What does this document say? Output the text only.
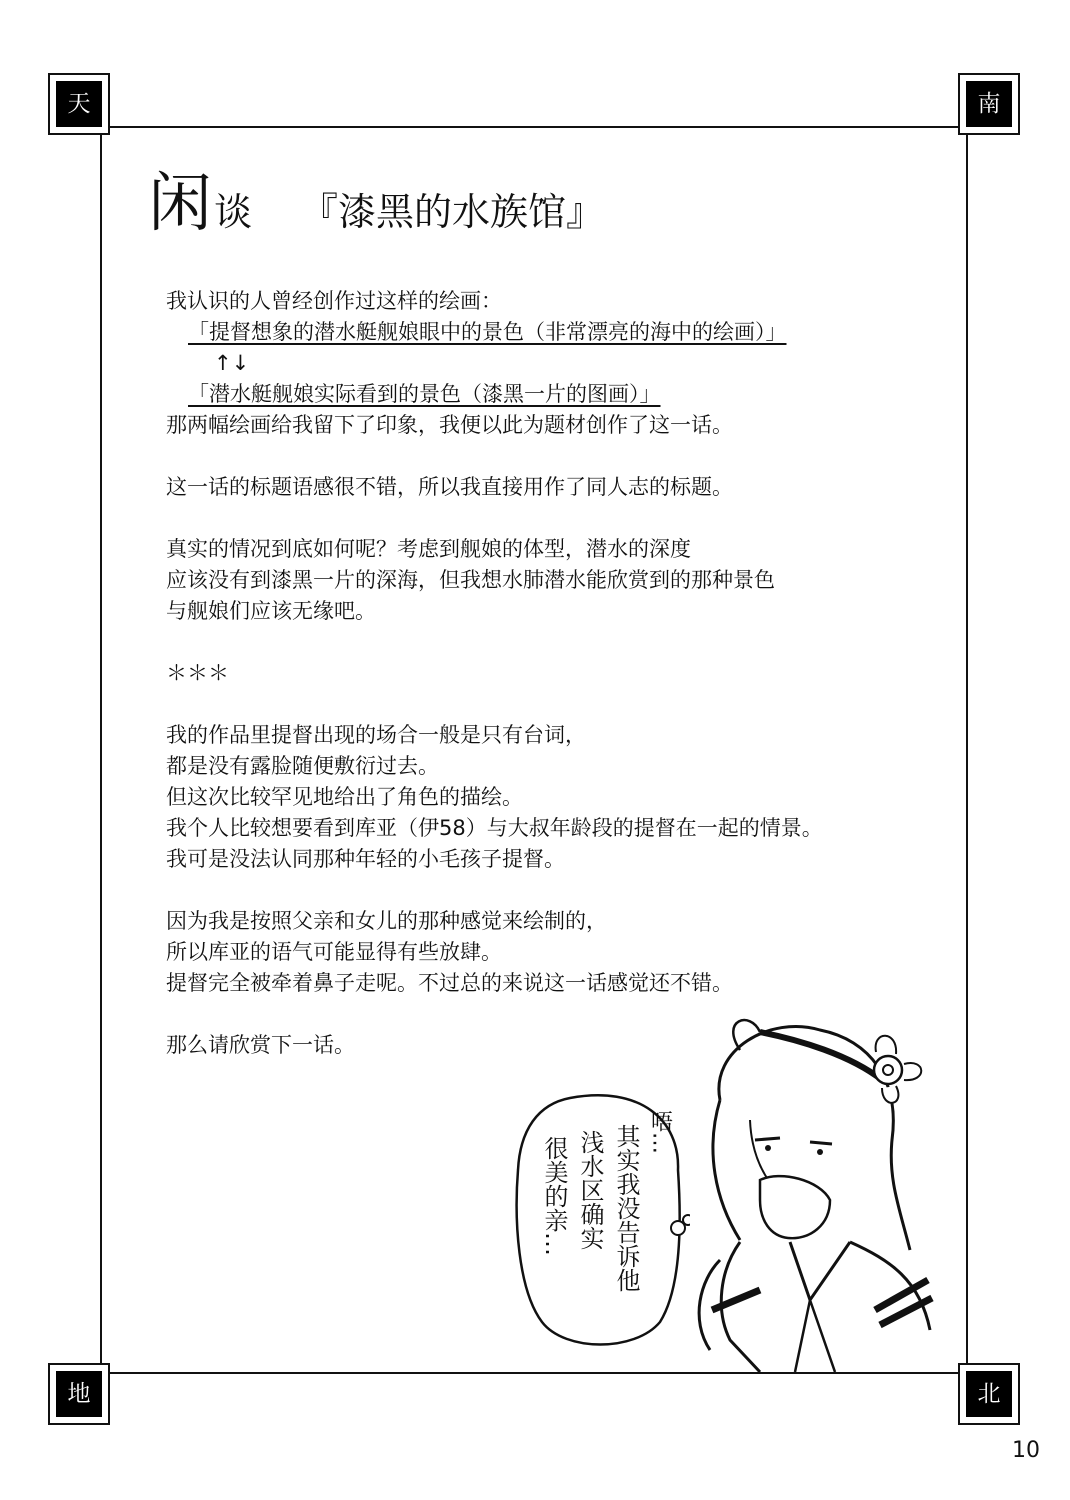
天	南
地	北
闲谈 『漆黑的水族馆』
我认识的人曾经创作过这样的绘画：
「提督想象的潜水艇舰娘眼中的景色（非常漂亮的海中的绘画）」
↑↓
「潜水艇舰娘实际看到的景色（漆黑一片的图画）」
那两幅绘画给我留下了印象，我便以此为题材创作了这一话。
这一话的标题语感很不错，所以我直接用作了同人志的标题。
真实的情况到底如何呢？考虑到舰娘的体型，潜水的深度
应该没有到漆黑一片的深海，但我想水肺潜水能欣赏到的那种景色
与舰娘们应该无缘吧。
＊＊＊
我的作品里提督出现的场合一般是只有台词，
都是没有露脸随便敷衍过去。
但这次比较罕见地给出了角色的描绘。
我个人比较想要看到库亚（伊58）与大叔年龄段的提督在一起的情景。
我可是没法认同那种年轻的小毛孩子提督。
因为我是按照父亲和女儿的那种感觉来绘制的，
所以库亚的语气可能显得有些放肆。
提督完全被牵着鼻子走呢。不过总的来说这一话感觉还不错。
那么请欣赏下一话。
唔…
其实我没告诉他
浅水区确实
很美的亲…
10
